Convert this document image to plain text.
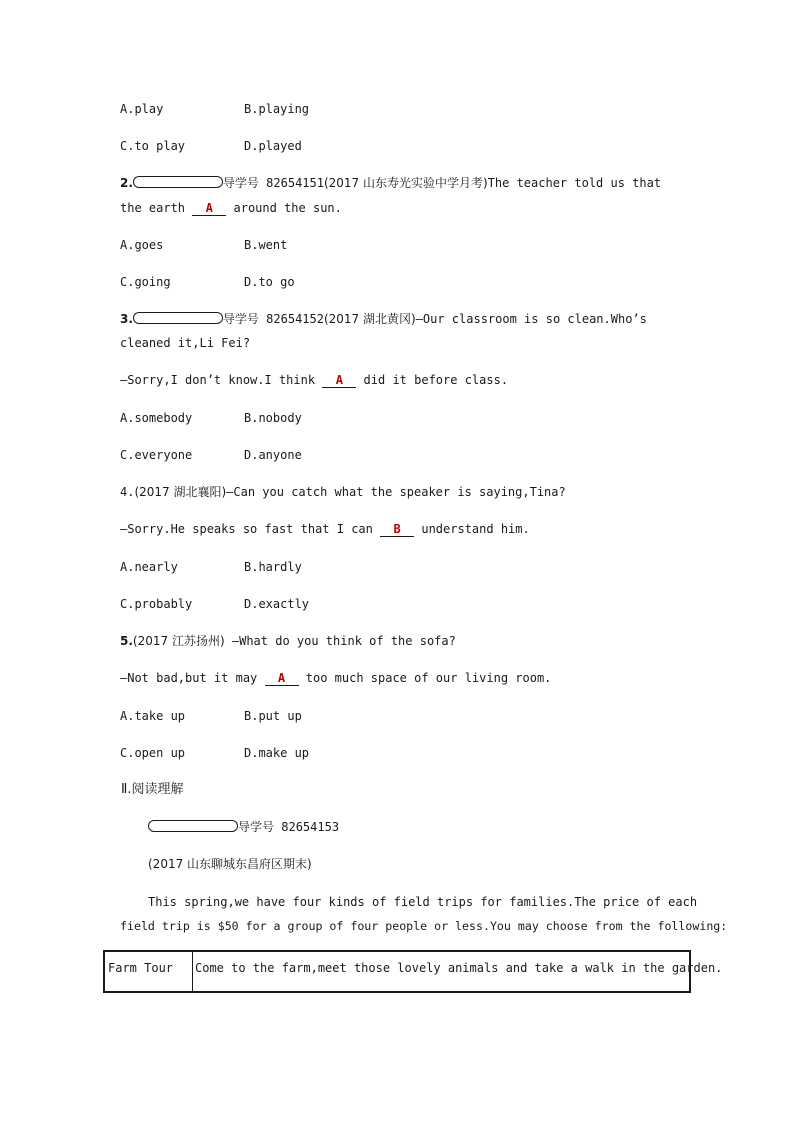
A.play	B.playing
C.to play	D.played
2.	导学号 82654151(2017 山东寿光实验中学月考)The teacher told us that
the earth A around the sun.
A.goes	B.went
C.going	D.to go
3.	导学号 82654152(2017 湖北黄冈)—Our classroom is so clean.Who’s
cleaned it,Li Fei?
—Sorry,I don’t know.I think A did it before class.
A.somebody	B.nobody
C.everyone	D.anyone
4.(2017 湖北襄阳)—Can you catch what the speaker is saying,Tina?
—Sorry.He speaks so fast that I can B understand him.
A.nearly	B.hardly
C.probably	D.exactly
5.(2017 江苏扬州) —What do you think of the sofa?
—Not bad,but it may A too much space of our living room.
A.take up	B.put up
C.open up	D.make up
Ⅱ.阅读理解
导学号 82654153
(2017 山东聊城东昌府区期末)
This spring,we have four kinds of field trips for families.The price of each
field trip is $50 for a group of four people or less.You may choose from the following:
Farm Tour	Come to the farm,meet those lovely animals and take a walk in the garden.
